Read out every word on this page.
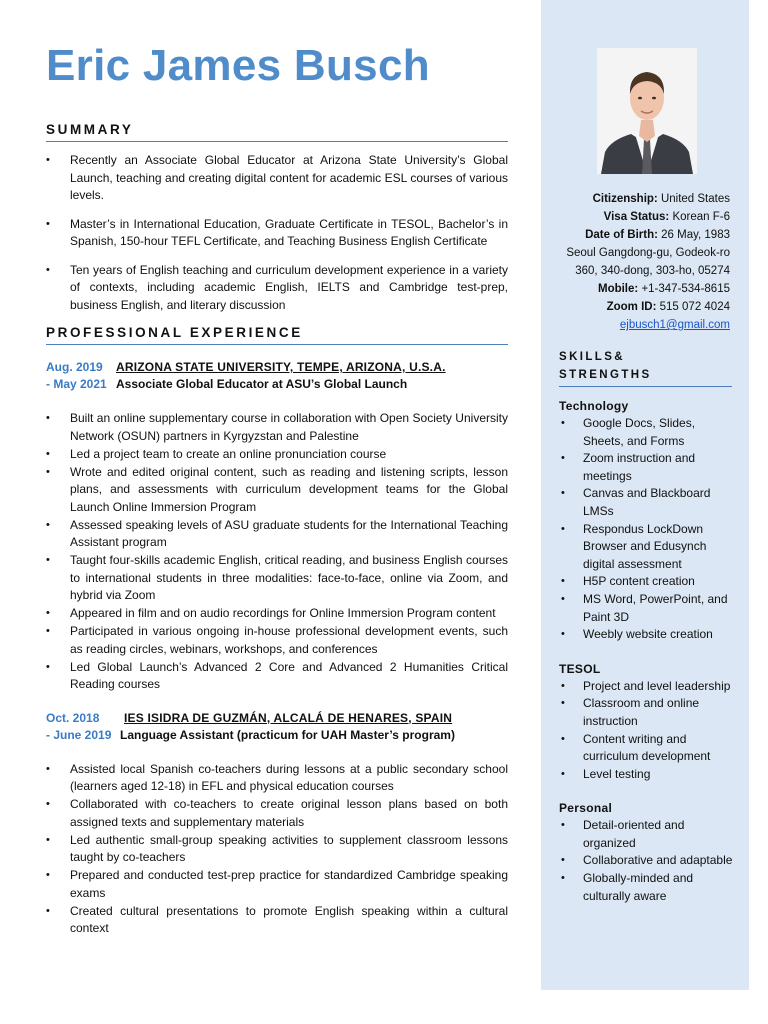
Citizenship: United States
Visa Status: Korean F-6
Date of Birth: 26 May, 1983
Seoul Gangdong-gu, Godeok-ro
360, 340-dong, 303-ho, 05274
Mobile: +1-347-534-8615
Zoom ID: 515 072 4024
ejbusch1@gmail.com
SKILLS&
STRENGTHS

Technology

• Google Docs, Slides, Sheets, and Forms
• Zoom instruction and meetings
• Canvas and Blackboard LMSs
• Respondus LockDown Browser and Edusynch digital assessment
• H5P content creation
• MS Word, PowerPoint, and Paint 3D
• Weebly website creation

TESOL

• Project and level leadership
• Classroom and online instruction
• Content writing and curriculum development
• Level testing

Personal

• Detail-oriented and organized
• Collaborative and adaptable
• Globally-minded and culturally aware
Eric James Busch
SUMMARY
• Recently an Associate Global Educator at Arizona State University’s Global Launch, teaching and creating digital content for academic ESL courses of various levels.
• Master’s in International Education, Graduate Certificate in TESOL, Bachelor’s in Spanish, 150-hour TEFL Certificate, and Teaching Business English Certificate
• Ten years of English teaching and curriculum development experience in a variety of contexts, including academic English, IELTS and Cambridge test-prep, business English, and literary discussion
PROFESSIONAL EXPERIENCE
Aug. 2019	ARIZONA STATE UNIVERSITY, TEMPE, ARIZONA, U.S.A.
- May 2021 Associate Global Educator at ASU’s Global Launch
• Built an online supplementary course in collaboration with Open Society University Network (OSUN) partners in Kyrgyzstan and Palestine
• Led a project team to create an online pronunciation course
• Wrote and edited original content, such as reading and listening scripts, lesson plans, and assessments with curriculum development teams for the Global Launch Online Immersion Program
• Assessed speaking levels of ASU graduate students for the International Teaching Assistant program
• Taught four-skills academic English, critical reading, and business English courses to international students in three modalities: face-to-face, online via Zoom, and hybrid via Zoom
• Appeared in film and on audio recordings for Online Immersion Program content
• Participated in various ongoing in-house professional development events, such as reading circles, webinars, workshops, and conferences
• Led Global Launch’s Advanced 2 Core and Advanced 2 Humanities Critical Reading courses
Oct. 2018	IES ISIDRA DE GUZMÁN, ALCALÁ DE HENARES, SPAIN
- June 2019 Language Assistant (practicum for UAH Master’s program)
• Assisted local Spanish co-teachers during lessons at a public secondary school (learners aged 12-18) in EFL and physical education courses
• Collaborated with co-teachers to create original lesson plans based on both assigned texts and supplementary materials
• Led authentic small-group speaking activities to supplement classroom lessons taught by co-teachers
• Prepared and conducted test-prep practice for standardized Cambridge speaking exams
• Created cultural presentations to promote English speaking within a cultural context
